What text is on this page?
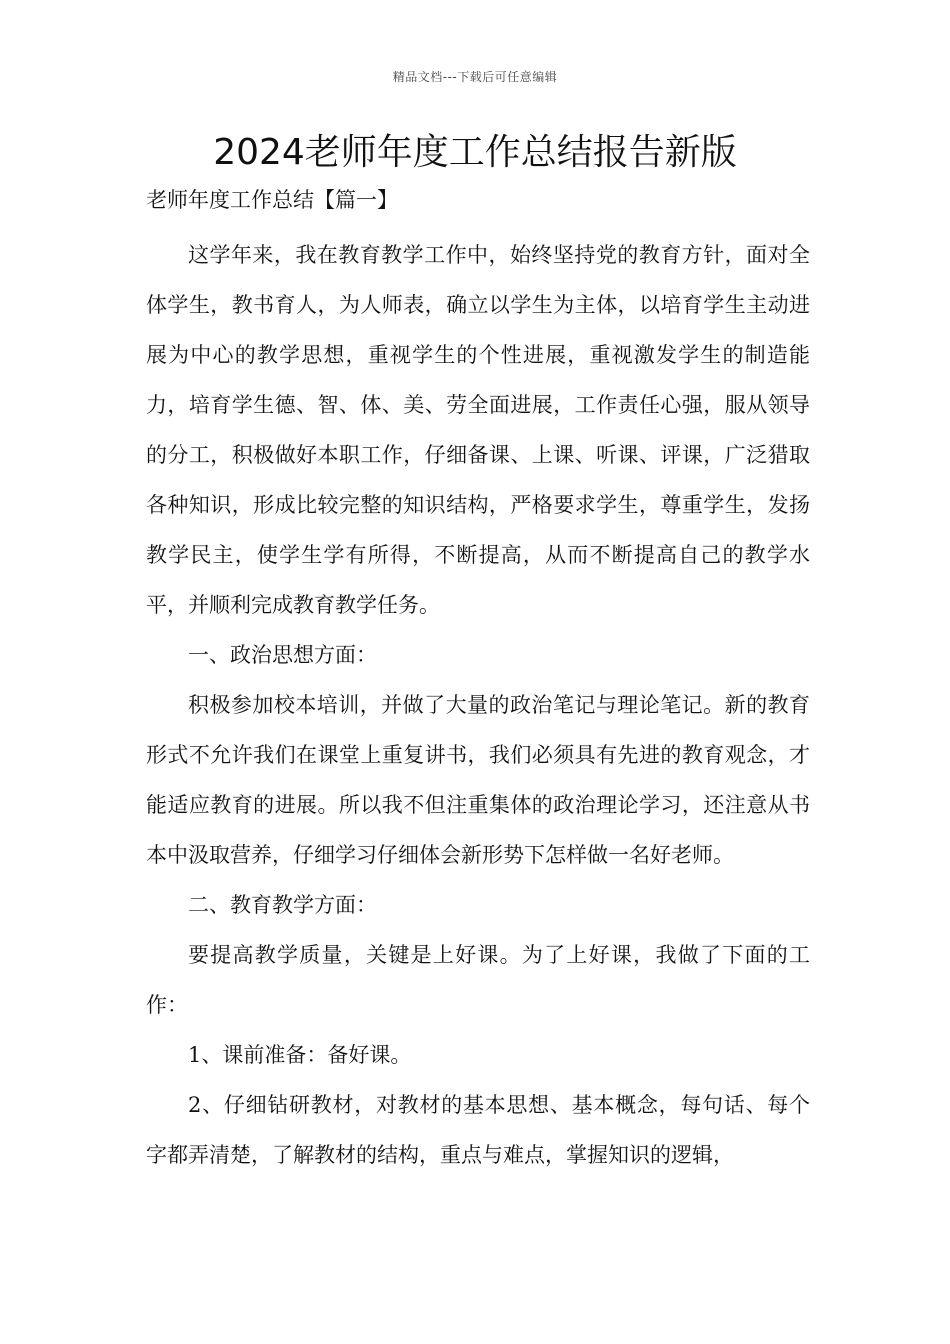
精品文档---下载后可任意编辑
2024老师年度工作总结报告新版

老师年度工作总结【篇一】

这学年来，我在教育教学工作中，始终坚持党的教育方针，面对全体学生，教书育人，为人师表，确立以学生为主体，以培育学生主动进展为中心的教学思想，重视学生的个性进展，重视激发学生的制造能力，培育学生德、智、体、美、劳全面进展，工作责任心强，服从领导的分工，积极做好本职工作，仔细备课、上课、听课、评课，广泛猎取各种知识，形成比较完整的知识结构，严格要求学生，尊重学生，发扬教学民主，使学生学有所得，不断提高，从而不断提高自己的教学水平，并顺利完成教育教学任务。

一、政治思想方面：

积极参加校本培训，并做了大量的政治笔记与理论笔记。新的教育形式不允许我们在课堂上重复讲书，我们必须具有先进的教育观念，才能适应教育的进展。所以我不但注重集体的政治理论学习，还注意从书本中汲取营养，仔细学习仔细体会新形势下怎样做一名好老师。

二、教育教学方面：

要提高教学质量，关键是上好课。为了上好课，我做了下面的工作：

1、课前准备：备好课。

2、仔细钻研教材，对教材的基本思想、基本概念，每句话、每个字都弄清楚，了解教材的结构，重点与难点，掌握知识的逻辑，
